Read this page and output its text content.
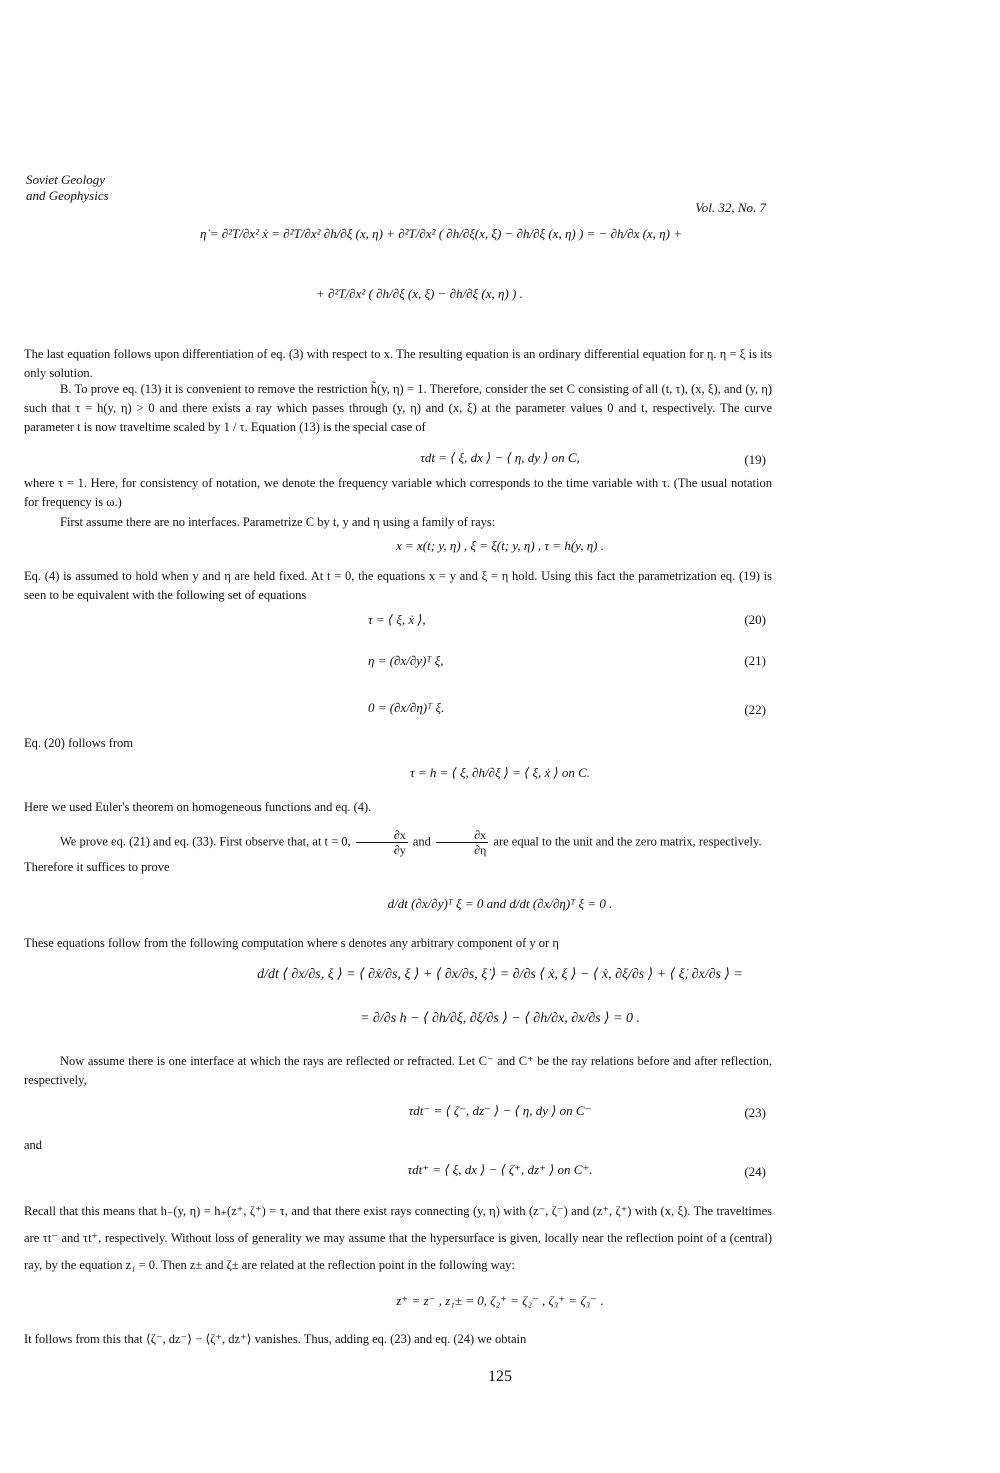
Soviet Geology
and Geophysics
Vol. 32, No. 7
η̇ = ∂²T/∂x² ẋ = ∂²T/∂x² ∂h/∂ξ (x, η) + ∂²T/∂x² ( ∂h/∂ξ(x, ξ) − ∂h/∂ξ (x, η) ) = − ∂h/∂x (x, η) +
+ ∂²T/∂x² ( ∂h/∂ξ (x, ξ) − ∂h/∂ξ (x, η) ) .
The last equation follows upon differentiation of eq. (3) with respect to x. The resulting equation is an ordinary differential equation for η. η = ξ is its only solution.
B. To prove eq. (13) it is convenient to remove the restriction h̃(y, η) = 1. Therefore, consider the set C consisting of all (t, τ), (x, ξ), and (y, η) such that τ = h(y, η) > 0 and there exists a ray which passes through (y, η) and (x, ξ) at the parameter values 0 and t, respectively. The curve parameter t is now traveltime scaled by 1 / τ. Equation (13) is the special case of
τdt = ⟨ ξ, dx ⟩ − ⟨ η, dy ⟩ on C,	(19)
where τ = 1. Here, for consistency of notation, we denote the frequency variable which corresponds to the time variable with τ. (The usual notation for frequency is ω.)
First assume there are no interfaces. Parametrize C by t, y and η using a family of rays:
x = x(t; y, η) , ξ = ξ(t; y, η) , τ = h(y, η) .
Eq. (4) is assumed to hold when y and η are held fixed. At t = 0, the equations x = y and ξ = η hold. Using this fact the parametrization eq. (19) is seen to be equivalent with the following set of equations
τ = ⟨ ξ, ẋ ⟩,	(20)
η = (∂x/∂y)ᵀ ξ,	(21)
0 = (∂x/∂η)ᵀ ξ.	(22)
Eq. (20) follows from
τ = h = ⟨ ξ, ∂h/∂ξ ⟩ = ⟨ ξ, ẋ ⟩ on C.
Here we used Euler's theorem on homogeneous functions and eq. (4).
We prove eq. (21) and eq. (33). First observe that, at t = 0, $\frac{\partial x}{\partial y}$ and $\frac{\partial x}{\partial\eta}$ are equal to the unit and the zero matrix, respectively.
Therefore it suffices to prove
d/dt (∂x/∂y)ᵀ ξ = 0 and d/dt (∂x/∂η)ᵀ ξ = 0 .
These equations follow from the following computation where s denotes any arbitrary component of y or η
d/dt ⟨ ∂x/∂s, ξ ⟩ = ⟨ ∂ẋ/∂s, ξ ⟩ + ⟨ ∂x/∂s, ξ̇ ⟩ = ∂/∂s ⟨ ẋ, ξ ⟩ − ⟨ ẋ, ∂ξ/∂s ⟩ + ⟨ ξ̇, ∂x/∂s ⟩ =
= ∂/∂s h − ⟨ ∂h/∂ξ, ∂ξ/∂s ⟩ − ⟨ ∂h/∂x, ∂x/∂s ⟩ = 0 .
Now assume there is one interface at which the rays are reflected or refracted. Let C⁻ and C⁺ be the ray relations before and after reflection, respectively,
τdt⁻ = ⟨ ζ⁻, dz⁻ ⟩ − ⟨ η, dy ⟩ on C⁻	(23)
and
τdt⁺ = ⟨ ξ, dx ⟩ − ⟨ ζ⁺, dz⁺ ⟩ on C⁺.	(24)
Recall that this means that h₋(y, η) = h₊(z⁺, ζ⁺) = τ, and that there exist rays connecting (y, η) with (z⁻, ζ⁻) and (z⁺, ζ⁺) with (x, ξ). The traveltimes are τt⁻ and τt⁺, respectively. Without loss of generality we may assume that the hypersurface is given, locally near the reflection point of a (central) ray, by the equation z₁ = 0. Then z± and ζ± are related at the reflection point in the following way:
z⁺ = z⁻ , z₁± = 0, ζ₂⁺ = ζ₂⁻ , ζ₃⁺ = ζ₃⁻ .
It follows from this that ⟨ζ⁻, dz⁻⟩ − ⟨ζ⁺, dz⁺⟩ vanishes. Thus, adding eq. (23) and eq. (24) we obtain
125
